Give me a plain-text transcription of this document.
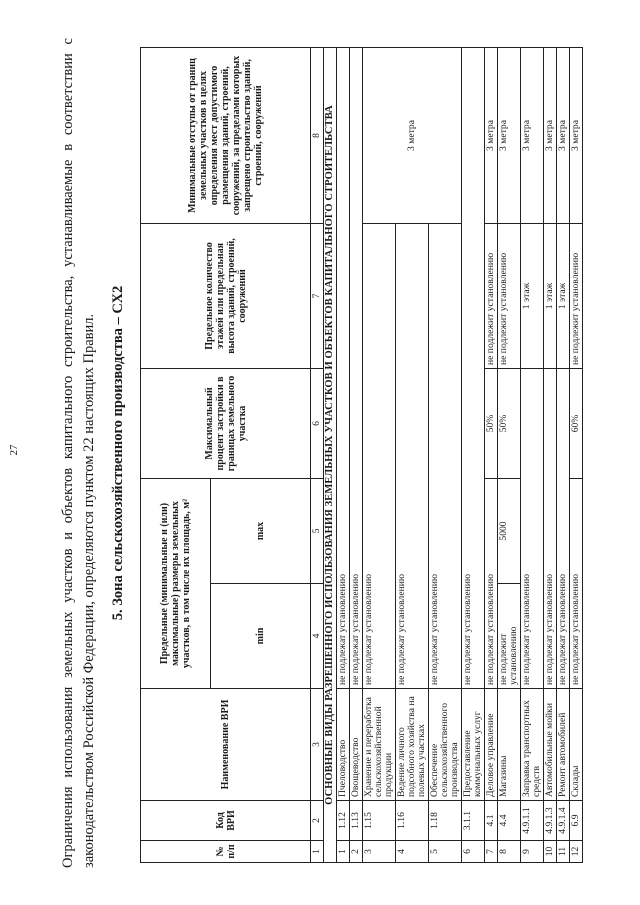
27	Ограничения использования земельных участков и объектов капитального строительства, устанавливаемые в соответствии с законодательством Российской Федерации, определяются пунктом 22 настоящих Правил. 5. Зона сельскохозяйственного производства – СХ2
№ п/п	Код ВРИ	Наименование ВРИ	Предельные (минимальные и (или) максимальные) размеры земельных участков, в том числе их площадь, м²		Максимальный процент застройки в границах земельного участка	Предельное количество этажей или предельная высота зданий, строений, сооружений	Минимальные отступы от границ земельных участков в целях определения мест допустимого размещения зданий, строений, сооружений, за пределами которых запрещено строительство зданий, строений, сооружений
			min	max			
1	2	3	4	5	6	7	8
ОСНОВНЫЕ ВИДЫ РАЗРЕШЕННОГО ИСПОЛЬЗОВАНИЯ ЗЕМЕЛЬНЫХ УЧАСТКОВ И ОБЪЕКТОВ КАПИТАЛЬНОГО СТРОИТЕЛЬСТВА							
1	1.12	Пчеловодство	не подлежат установлению				
2	1.13	Овощеводство	не подлежат установлению				
3	1.15	Хранение и переработка сельскохозяйственной продукции	не подлежат установлению				3 метра
4	1.16	Ведение личного подсобного хозяйства на полевых участках	не подлежат установлению				
5	1.18	Обеспечение сельскохозяйственного производства	не подлежат установлению				
6	3.1.1	Предоставление коммунальных услуг	не подлежат установлению				
7	4.1	Деловое управление	не подлежат установлению		50%	не подлежит установлению	3 метра
8	4.4	Магазины	не подлежит установлению	5000	50%	не подлежит установлению	3 метра
9	4.9.1.1	Заправка транспортных средств	не подлежат установлению			1 этаж	3 метра
10	4.9.1.3	Автомобильные мойки	не подлежат установлению			1 этаж	3 метра
11	4.9.1.4	Ремонт автомобилей	не подлежат установлению			1 этаж	3 метра
12	6.9	Склады	не подлежат установлению		60%	не подлежит установлению	3 метра
